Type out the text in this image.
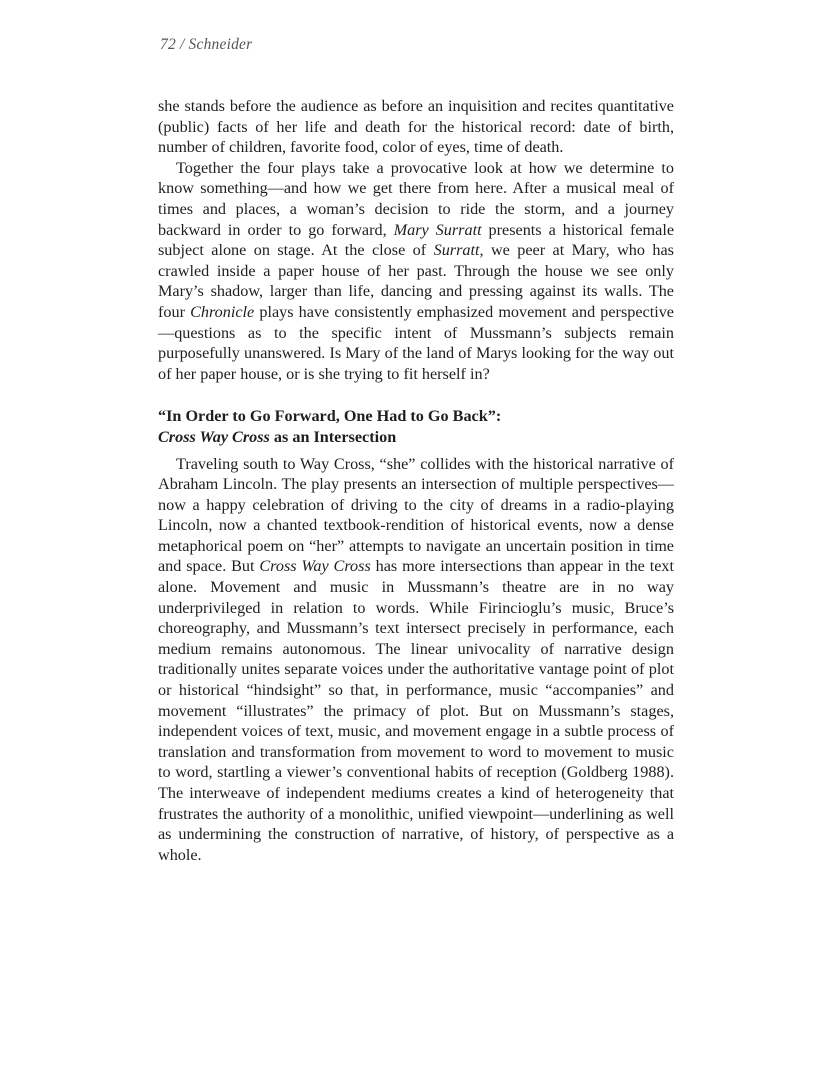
72 / Schneider

she stands before the audience as before an inquisition and recites quantitative (public) facts of her life and death for the historical record: date of birth, number of children, favorite food, color of eyes, time of death.

Together the four plays take a provocative look at how we determine to know something—and how we get there from here. After a musical meal of times and places, a woman’s decision to ride the storm, and a journey backward in order to go forward, Mary Surratt presents a historical female subject alone on stage. At the close of Surratt, we peer at Mary, who has crawled inside a paper house of her past. Through the house we see only Mary’s shadow, larger than life, dancing and pressing against its walls. The four Chronicle plays have consistently emphasized movement and perspective—questions as to the specific intent of Mussmann’s subjects remain purposefully unanswered. Is Mary of the land of Marys looking for the way out of her paper house, or is she trying to fit herself in?

“In Order to Go Forward, One Had to Go Back”:
Cross Way Cross as an Intersection

Traveling south to Way Cross, “she” collides with the historical narrative of Abraham Lincoln. The play presents an intersection of multiple perspectives—now a happy celebration of driving to the city of dreams in a radio-playing Lincoln, now a chanted textbook-rendition of historical events, now a dense metaphorical poem on “her” attempts to navigate an uncertain position in time and space. But Cross Way Cross has more intersections than appear in the text alone. Movement and music in Mussmann’s theatre are in no way underprivileged in relation to words. While Firincioglu’s music, Bruce’s choreography, and Mussmann’s text intersect precisely in performance, each medium remains autonomous. The linear univocality of narrative design traditionally unites separate voices under the authoritative vantage point of plot or historical “hindsight” so that, in performance, music “accompanies” and movement “illustrates” the primacy of plot. But on Mussmann’s stages, independent voices of text, music, and movement engage in a subtle process of translation and transformation from movement to word to movement to music to word, startling a viewer’s conventional habits of reception (Goldberg 1988). The interweave of independent mediums creates a kind of heterogeneity that frustrates the authority of a monolithic, unified viewpoint—underlining as well as undermining the construction of narrative, of history, of perspective as a whole.
